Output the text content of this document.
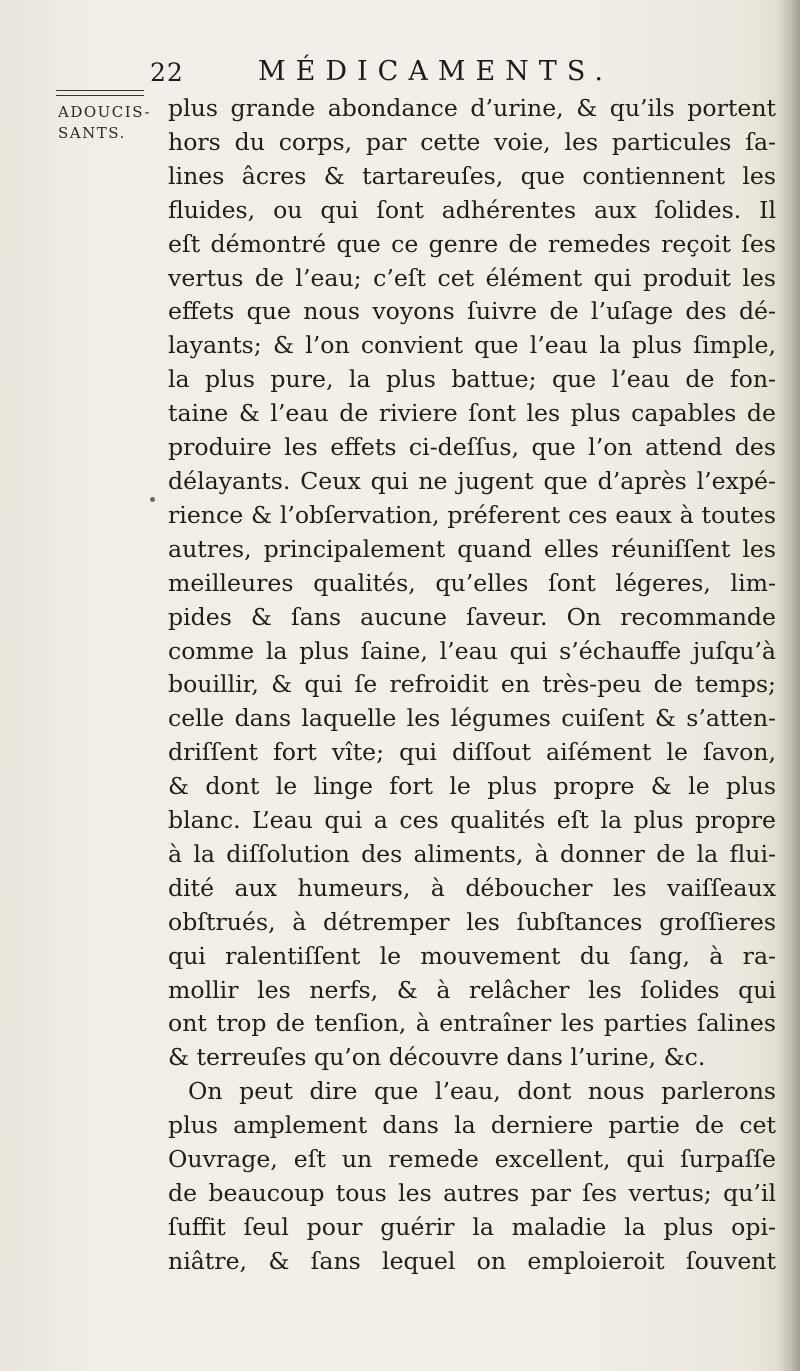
22	MÉDICAMENTS.
ADOUCIS-
SANTS.
plus grande abondance d’urine, & qu’ils portent
hors du corps, par cette voie, les particules ſa-
lines âcres & tartareuſes, que contiennent les
fluides, ou qui ſont adhérentes aux ſolides. Il
eſt démontré que ce genre de remedes reçoit ſes
vertus de l’eau; c’eſt cet élément qui produit les
effets que nous voyons ſuivre de l’uſage des dé-
layants; & l’on convient que l’eau la plus ſimple,
la plus pure, la plus battue; que l’eau de fon-
taine & l’eau de riviere ſont les plus capables de
produire les effets ci-deſſus, que l’on attend des
délayants. Ceux qui ne jugent que d’après l’expé-
rience & l’obſervation, préferent ces eaux à toutes
autres, principalement quand elles réuniſſent les
meilleures qualités, qu’elles ſont légeres, lim-
pides & ſans aucune ſaveur. On recommande
comme la plus ſaine, l’eau qui s’échauffe juſqu’à
bouillir, & qui ſe refroidit en très-peu de temps;
celle dans laquelle les légumes cuiſent & s’atten-
driſſent fort vîte; qui diſſout aiſément le ſavon,
& dont le linge fort le plus propre & le plus
blanc. L’eau qui a ces qualités eſt la plus propre
à la diſſolution des aliments, à donner de la flui-
dité aux humeurs, à déboucher les vaiſſeaux
obſtrués, à détremper les ſubſtances groſſieres
qui ralentiſſent le mouvement du ſang, à ra-
mollir les nerfs, & à relâcher les ſolides qui
ont trop de tenſion, à entraîner les parties ſalines
& terreuſes qu’on découvre dans l’urine, &c.
On peut dire que l’eau, dont nous parlerons
plus amplement dans la derniere partie de cet
Ouvrage, eſt un remede excellent, qui ſurpaſſe
de beaucoup tous les autres par ſes vertus; qu’il
ſuffit ſeul pour guérir la maladie la plus opi-
niâtre, & ſans lequel on emploieroit ſouvent
